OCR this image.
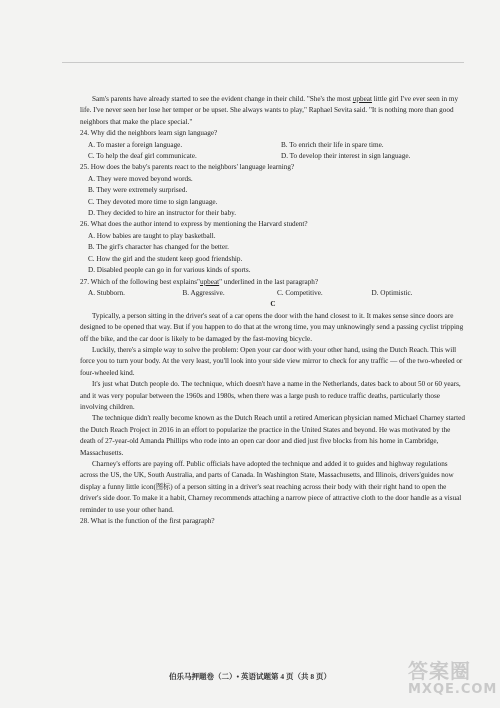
Sam's parents have already started to see the evident change in their child. "She's the most upbeat little girl I've ever seen in my life. I've never seen her lose her temper or be upset. She always wants to play," Raphael Sevita said. "It is nothing more than good neighbors that make the place special."

24. Why did the neighbors learn sign language?

A. To master a foreign language.	B. To enrich their life in spare time.
C. To help the deaf girl communicate.	D. To develop their interest in sign language.

25. How does the baby's parents react to the neighbors' language learning?

A. They were moved beyond words.
B. They were extremely surprised.
C. They devoted more time to sign language.
D. They decided to hire an instructor for their baby.

26. What does the author intend to express by mentioning the Harvard student?

A. How babies are taught to play basketball.
B. The girl's character has changed for the better.
C. How the girl and the student keep good friendship.
D. Disabled people can go in for various kinds of sports.

27. Which of the following best explains"upbeat" underlined in the last paragraph?

A. Stubborn.	B. Aggressive.	C. Competitive.	D. Optimistic.

C

Typically, a person sitting in the driver's seat of a car opens the door with the hand closest to it. It makes sense since doors are designed to be opened that way. But if you happen to do that at the wrong time, you may unknowingly send a passing cyclist tripping off the bike, and the car door is likely to be damaged by the fast-moving bicycle.

Luckily, there's a simple way to solve the problem: Open your car door with your other hand, using the Dutch Reach. This will force you to turn your body. At the very least, you'll look into your side view mirror to check for any traffic — of the two-wheeled or four-wheeled kind.

It's just what Dutch people do. The technique, which doesn't have a name in the Netherlands, dates back to about 50 or 60 years, and it was very popular between the 1960s and 1980s, when there was a large push to reduce traffic deaths, particularly those involving children.

The technique didn't really become known as the Dutch Reach until a retired American physician named Michael Charney started the Dutch Reach Project in 2016 in an effort to popularize the practice in the United States and beyond. He was motivated by the death of 27-year-old Amanda Phillips who rode into an open car door and died just five blocks from his home in Cambridge, Massachusetts.

Charney's efforts are paying off. Public officials have adopted the technique and added it to guides and highway regulations across the US, the UK, South Australia, and parts of Canada. In Washington State, Massachusetts, and Illinois, drivers'guides now display a funny little icon(图标) of a person sitting in a driver's seat reaching across their body with their right hand to open the driver's side door. To make it a habit, Charney recommends attaching a narrow piece of attractive cloth to the door handle as a visual reminder to use your other hand.

28. What is the function of the first paragraph?

伯乐马押题卷（二）• 英语试题第 4 页（共 8 页）	答案圈
MXQE.COM
